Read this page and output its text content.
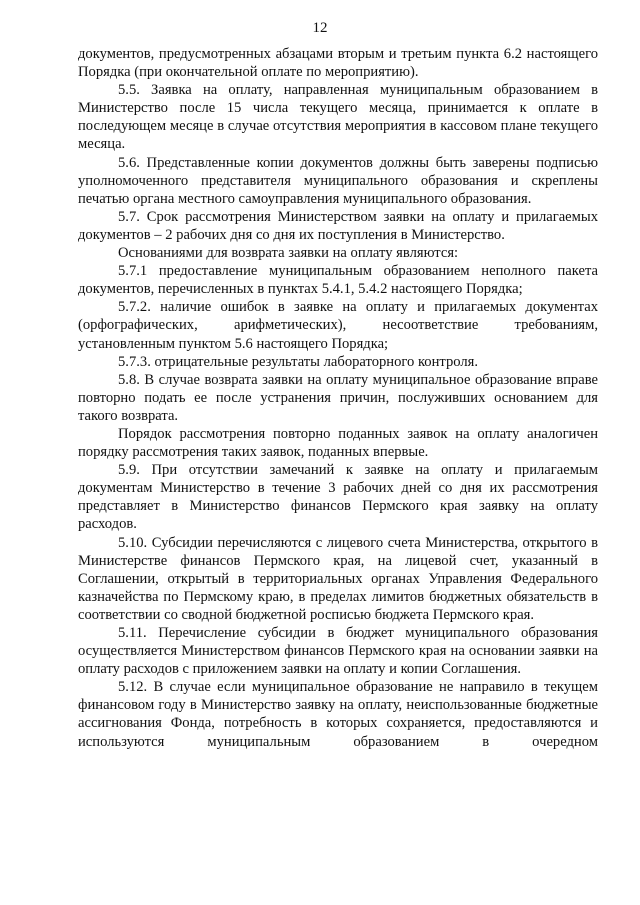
12

документов, предусмотренных абзацами вторым и третьим пункта 6.2 настоящего Порядка (при окончательной оплате по мероприятию).

5.5. Заявка на оплату, направленная муниципальным образованием в Министерство после 15 числа текущего месяца, принимается к оплате в последующем месяце в случае отсутствия мероприятия в кассовом плане текущего месяца.

5.6. Представленные копии документов должны быть заверены подписью уполномоченного представителя муниципального образования и скреплены печатью органа местного самоуправления муниципального образования.

5.7. Срок рассмотрения Министерством заявки на оплату и прилагаемых документов – 2 рабочих дня со дня их поступления в Министерство.

Основаниями для возврата заявки на оплату являются:

5.7.1 предоставление муниципальным образованием неполного пакета документов, перечисленных в пунктах 5.4.1, 5.4.2 настоящего Порядка;

5.7.2. наличие ошибок в заявке на оплату и прилагаемых документах (орфографических, арифметических), несоответствие требованиям, установленным пунктом 5.6 настоящего Порядка;

5.7.3. отрицательные результаты лабораторного контроля.

5.8. В случае возврата заявки на оплату муниципальное образование вправе повторно подать ее после устранения причин, послуживших основанием для такого возврата.

Порядок рассмотрения повторно поданных заявок на оплату аналогичен порядку рассмотрения таких заявок, поданных впервые.

5.9. При отсутствии замечаний к заявке на оплату и прилагаемым документам Министерство в течение 3 рабочих дней со дня их рассмотрения представляет в Министерство финансов Пермского края заявку на оплату расходов.

5.10. Субсидии перечисляются с лицевого счета Министерства, открытого в Министерстве финансов Пермского края, на лицевой счет, указанный в Соглашении, открытый в территориальных органах Управления Федерального казначейства по Пермскому краю, в пределах лимитов бюджетных обязательств в соответствии со сводной бюджетной росписью бюджета Пермского края.

5.11. Перечисление субсидии в бюджет муниципального образования осуществляется Министерством финансов Пермского края на основании заявки на оплату расходов с приложением заявки на оплату и копии Соглашения.

5.12. В случае если муниципальное образование не направило в текущем финансовом году в Министерство заявку на оплату, неиспользованные бюджетные ассигнования Фонда, потребность в которых сохраняется, предоставляются и используются муниципальным образованием в очередном
